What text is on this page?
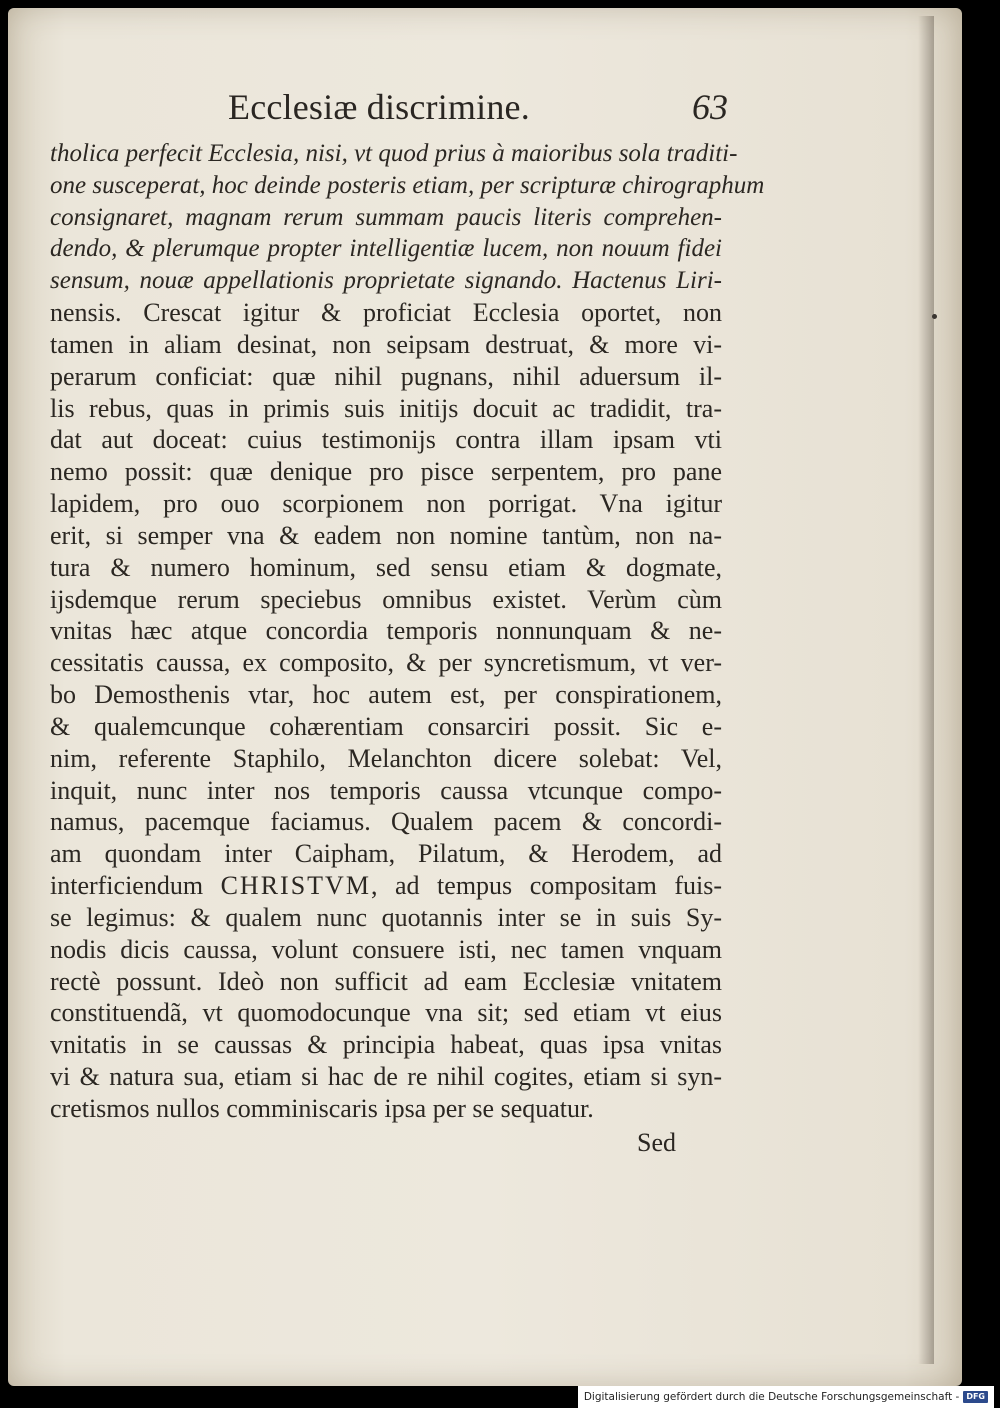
Ecclesiæ discrimine.	63
tholica perfecit Ecclesia, nisi, vt quod prius à maioribus sola traditi-
one susceperat, hoc deinde posteris etiam, per scripturæ chirographum
consignaret, magnam rerum summam paucis literis comprehen-
dendo, & plerumque propter intelligentiæ lucem, non nouum fidei
sensum, nouæ appellationis proprietate signando. Hactenus Liri-
nensis. Crescat igitur & proficiat Ecclesia oportet, non
tamen in aliam desinat, non seipsam destruat, & more vi-
perarum conficiat: quæ nihil pugnans, nihil aduersum il-
lis rebus, quas in primis suis initijs docuit ac tradidit, tra-
dat aut doceat: cuius testimonijs contra illam ipsam vti
nemo possit: quæ denique pro pisce serpentem, pro pane
lapidem, pro ouo scorpionem non porrigat. Vna igitur
erit, si semper vna & eadem non nomine tantùm, non na-
tura & numero hominum, sed sensu etiam & dogmate,
ijsdemque rerum speciebus omnibus existet. Verùm cùm
vnitas hæc atque concordia temporis nonnunquam & ne-
cessitatis caussa, ex composito, & per syncretismum, vt ver-
bo Demosthenis vtar, hoc autem est, per conspirationem,
& qualemcunque cohærentiam consarciri possit. Sic e-
nim, referente Staphilo, Melanchton dicere solebat: Vel,
inquit, nunc inter nos temporis caussa vtcunque compo-
namus, pacemque faciamus. Qualem pacem & concordi-
am quondam inter Caipham, Pilatum, & Herodem, ad
interficiendum CHRISTVM, ad tempus compositam fuis-
se legimus: & qualem nunc quotannis inter se in suis Sy-
nodis dicis caussa, volunt consuere isti, nec tamen vnquam
rectè possunt. Ideò non sufficit ad eam Ecclesiæ vnitatem
constituendã, vt quomodocunque vna sit; sed etiam vt eius
vnitatis in se caussas & principia habeat, quas ipsa vnitas
vi & natura sua, etiam si hac de re nihil cogites, etiam si syn-
cretismos nullos comminiscaris ipsa per se sequatur.
Sed
Digitalisierung gefördert durch die Deutsche Forschungsgemeinschaft - DFG
